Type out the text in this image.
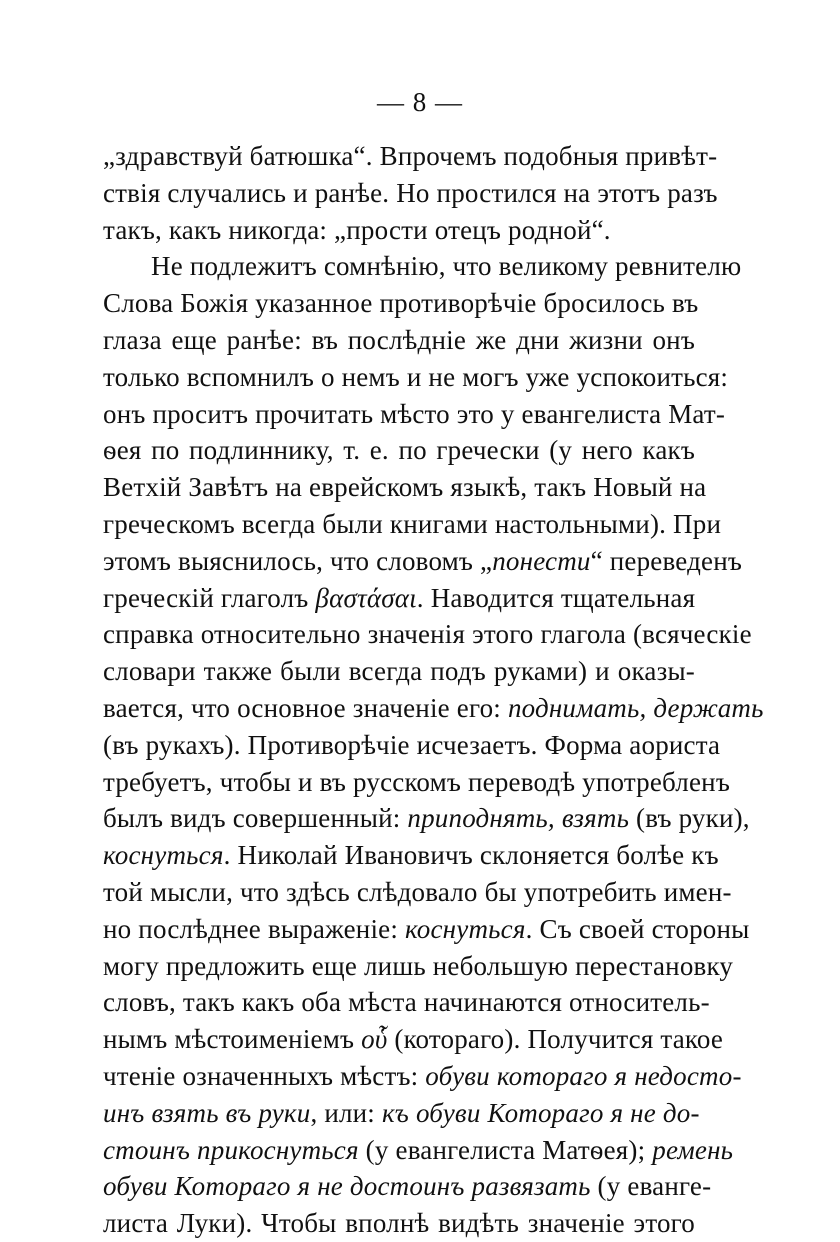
— 8 —
„здравствуй батюшка“. Впрочемъ подобныя привѣт-
ствія случались и ранѣе. Но простился на этотъ разъ
такъ, какъ никогда: „прости отецъ родной“.
Не подлежитъ сомнѣнію, что великому ревнителю
Слова Божія указанное противорѣчіе бросилось въ
глаза еще ранѣе: въ послѣдніе же дни жизни онъ
только вспомнилъ о немъ и не могъ уже успокоиться:
онъ проситъ прочитать мѣсто это у евангелиста Мат-
ѳея по подлиннику, т. е. по гречески (у него какъ
Ветхій Завѣтъ на еврейскомъ языкѣ, такъ Новый на
греческомъ всегда были книгами настольными). При
этомъ выяснилось, что словомъ „понести“ переведенъ
греческій глаголъ βαστάσαι. Наводится тщательная
справка относительно значенія этого глагола (всяческіе
словари также были всегда подъ руками) и оказы-
вается, что основное значеніе его: поднимать, держать
(въ рукахъ). Противорѣчіе исчезаетъ. Форма аориста
требуетъ, чтобы и въ русскомъ переводѣ употребленъ
былъ видъ совершенный: приподнять, взять (въ руки),
коснуться. Николай Ивановичъ склоняется болѣе къ
той мысли, что здѣсь слѣдовало бы употребить имен-
но послѣднее выраженіе: коснуться. Съ своей стороны
могу предложить еще лишь небольшую перестановку
словъ, такъ какъ оба мѣста начинаются относитель-
нымъ мѣстоименіемъ οὗ (котораго). Получится такое
чтеніе означенныхъ мѣстъ: обуви котораго я недосто-
инъ взять въ руки, или: къ обуви Котораго я не до-
стоинъ прикоснуться (у евангелиста Матѳея); ремень
обуви Котораго я не достоинъ развязать (у еванге-
листа Луки). Чтобы вполнѣ видѣть значеніе этого
